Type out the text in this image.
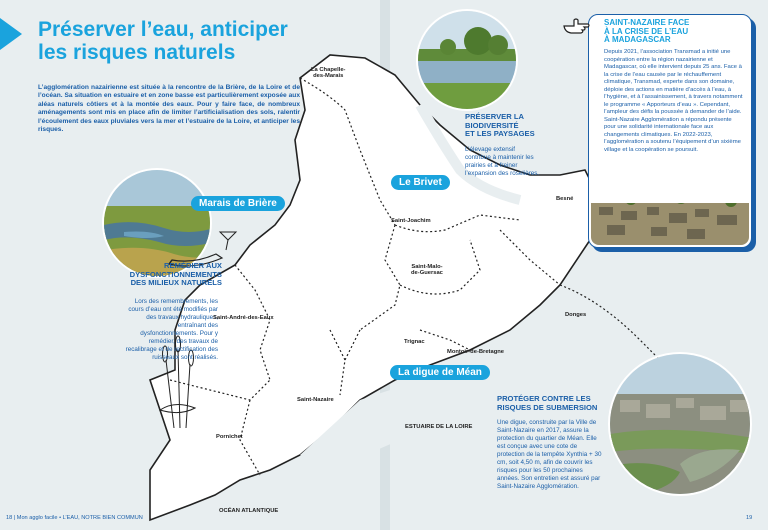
Préserver l’eau, anticiper
les risques naturels
L’agglomération nazairienne est située à la rencontre de la Brière, de la Loire et de l’océan. Sa situation en estuaire et en zone basse est particulièrement exposée aux aléas naturels côtiers et à la montée des eaux. Pour y faire face, de nombreux aménagements sont mis en place afin de limiter l’artificialisation des sols, ralentir l’écoulement des eaux pluviales vers la mer et l’estuaire de la Loire, et anticiper les risques.
Marais de Brière
REMÉDIER AUX
DYSFONCTIONNEMENTS
DES MILIEUX NATURELS
Lors des remembrements, les cours d’eau ont été modifiés par des travaux hydrauliques, entraînant des dysfonctionnements. Pour y remédier, des travaux de recalibrage et de rectification des ruisseaux sont réalisés.
La Chapelle-
des-Marais
Saint-Joachim
Besné
Saint-Malo-
de-Guersac
Saint-André-des-Eaux	Donges
Trignac
Montoir-de-Bretagne
Saint-Nazaire
ESTUAIRE DE LA LOIRE
Pornichet
OCÉAN ATLANTIQUE
PRÉSERVER LA
BIODIVERSITÉ
ET LES PAYSAGES
L’élevage extensif contribue à maintenir les prairies et à freiner l’expansion des roselières.
Le Brivet
SAINT-NAZAIRE FACE
À LA CRISE DE L’EAU
À MADAGASCAR
Depuis 2021, l’association Transmad a initié une coopération entre la région nazairienne et Madagascar, où elle intervient depuis 25 ans. Face à la crise de l’eau causée par le réchauffement climatique, Transmad, experte dans son domaine, déploie des actions en matière d’accès à l’eau, à l’hygiène, et à l’assainissement, à travers notamment le programme « Apporteurs d’eau ». Cependant, l’ampleur des défis la poussée à demander de l’aide. Saint-Nazaire Agglomération a répondu présente pour une solidarité internationale face aux changements climatiques. En 2022-2023, l’agglomération a soutenu l’équipement d’un sixième village et la coopération se poursuit.
La digue de Méan
PROTÉGER CONTRE LES
RISQUES DE SUBMERSION
Une digue, construite par la Ville de Saint-Nazaire en 2017, assure la protection du quartier de Méan. Elle est conçue avec une cote de protection de la tempête Xynthia + 30 cm, soit 4,50 m, afin de couvrir les risques pour les 50 prochaines années. Son entretien est assuré par Saint-Nazaire Agglomération.
18 | Mon agglo facile • L’EAU, NOTRE BIEN COMMUN	19
